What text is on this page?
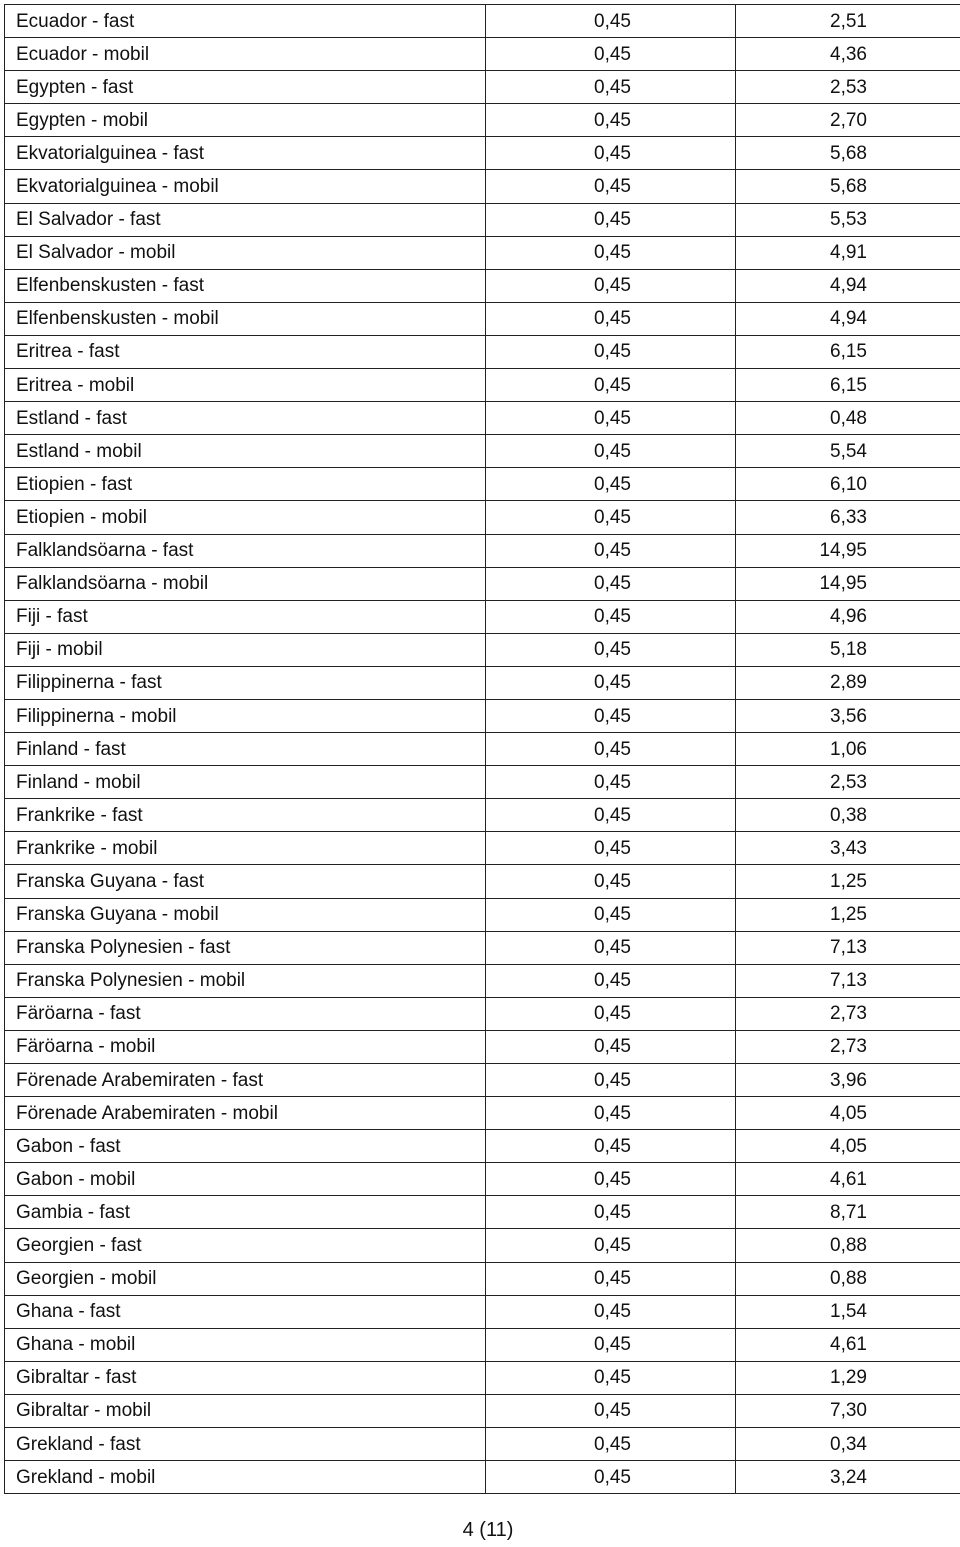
Ecuador - fast	0,45	2,51
Ecuador - mobil	0,45	4,36
Egypten - fast	0,45	2,53
Egypten - mobil	0,45	2,70
Ekvatorialguinea - fast	0,45	5,68
Ekvatorialguinea - mobil	0,45	5,68
El Salvador - fast	0,45	5,53
El Salvador - mobil	0,45	4,91
Elfenbenskusten - fast	0,45	4,94
Elfenbenskusten - mobil	0,45	4,94
Eritrea - fast	0,45	6,15
Eritrea - mobil	0,45	6,15
Estland - fast	0,45	0,48
Estland - mobil	0,45	5,54
Etiopien - fast	0,45	6,10
Etiopien - mobil	0,45	6,33
Falklandsöarna - fast	0,45	14,95
Falklandsöarna - mobil	0,45	14,95
Fiji - fast	0,45	4,96
Fiji - mobil	0,45	5,18
Filippinerna - fast	0,45	2,89
Filippinerna - mobil	0,45	3,56
Finland - fast	0,45	1,06
Finland - mobil	0,45	2,53
Frankrike - fast	0,45	0,38
Frankrike - mobil	0,45	3,43
Franska Guyana - fast	0,45	1,25
Franska Guyana - mobil	0,45	1,25
Franska Polynesien - fast	0,45	7,13
Franska Polynesien - mobil	0,45	7,13
Färöarna - fast	0,45	2,73
Färöarna - mobil	0,45	2,73
Förenade Arabemiraten - fast	0,45	3,96
Förenade Arabemiraten - mobil	0,45	4,05
Gabon - fast	0,45	4,05
Gabon - mobil	0,45	4,61
Gambia - fast	0,45	8,71
Georgien - fast	0,45	0,88
Georgien - mobil	0,45	0,88
Ghana - fast	0,45	1,54
Ghana - mobil	0,45	4,61
Gibraltar - fast	0,45	1,29
Gibraltar - mobil	0,45	7,30
Grekland - fast	0,45	0,34
Grekland - mobil	0,45	3,24
4 (11)
